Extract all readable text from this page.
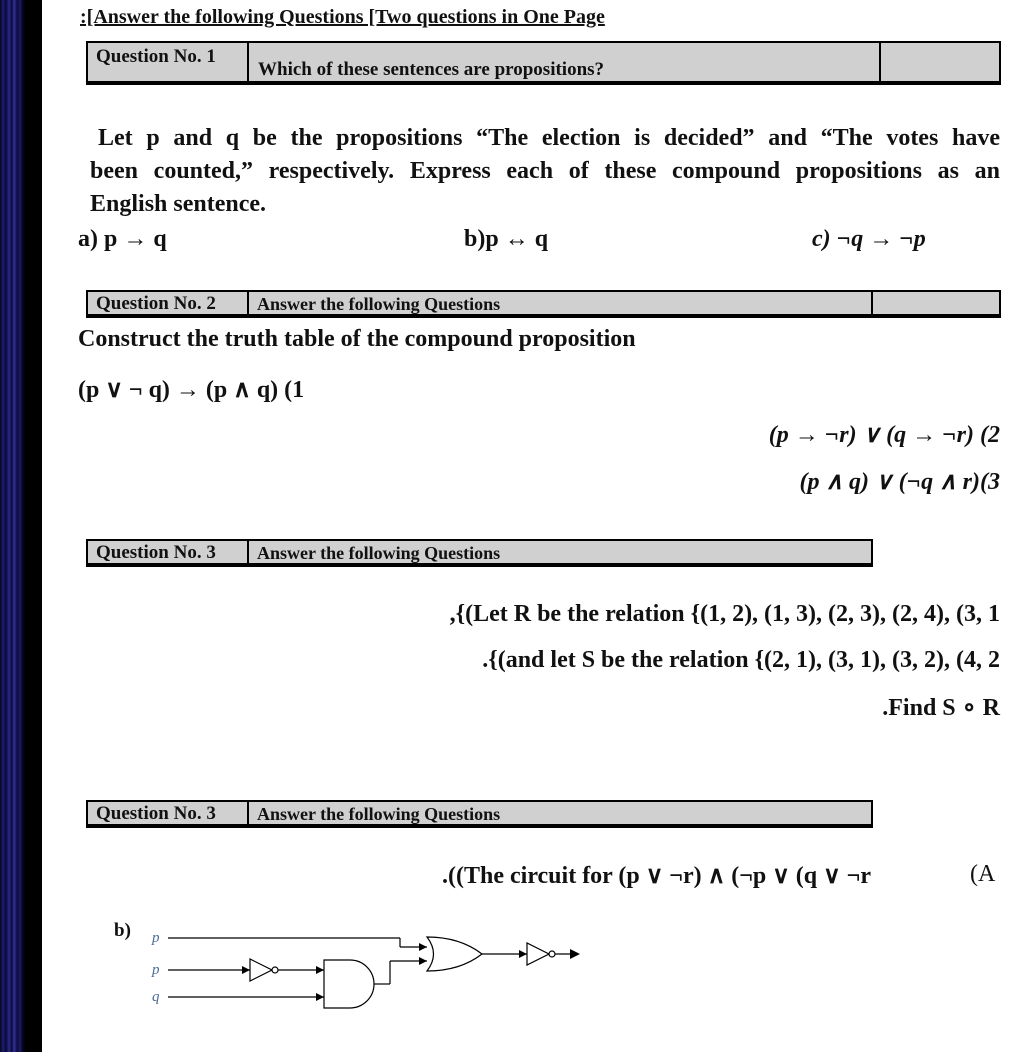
:[Answer the following Questions [Two questions in One Page
Question No. 1
Which of these sentences are propositions?
Let p and q be the propositions “The election is decided” and “The votes have
been counted,” respectively. Express each of these compound propositions as an
English sentence.
a) p → q	b)p ↔ q	c) ¬q → ¬p
Question No. 2	Answer the following Questions
Construct the truth table of the compound proposition
(p ∨ ¬ q) → (p ∧ q) (1
(p → ¬r) ∨ (q → ¬r) (2
(p ∧ q) ∨ (¬q ∧ r)(3
Question No. 3	Answer the following Questions
,{(Let R be the relation {(1, 2), (1, 3), (2, 3), (2, 4), (3, 1
.{(and let S be the relation {(2, 1), (3, 1), (3, 2), (4, 2
.Find S ∘ R
Question No. 3	Answer the following Questions
.((The circuit for (p ∨ ¬r) ∧ (¬p ∨ (q ∨ ¬r	(A
b) p
p
q
